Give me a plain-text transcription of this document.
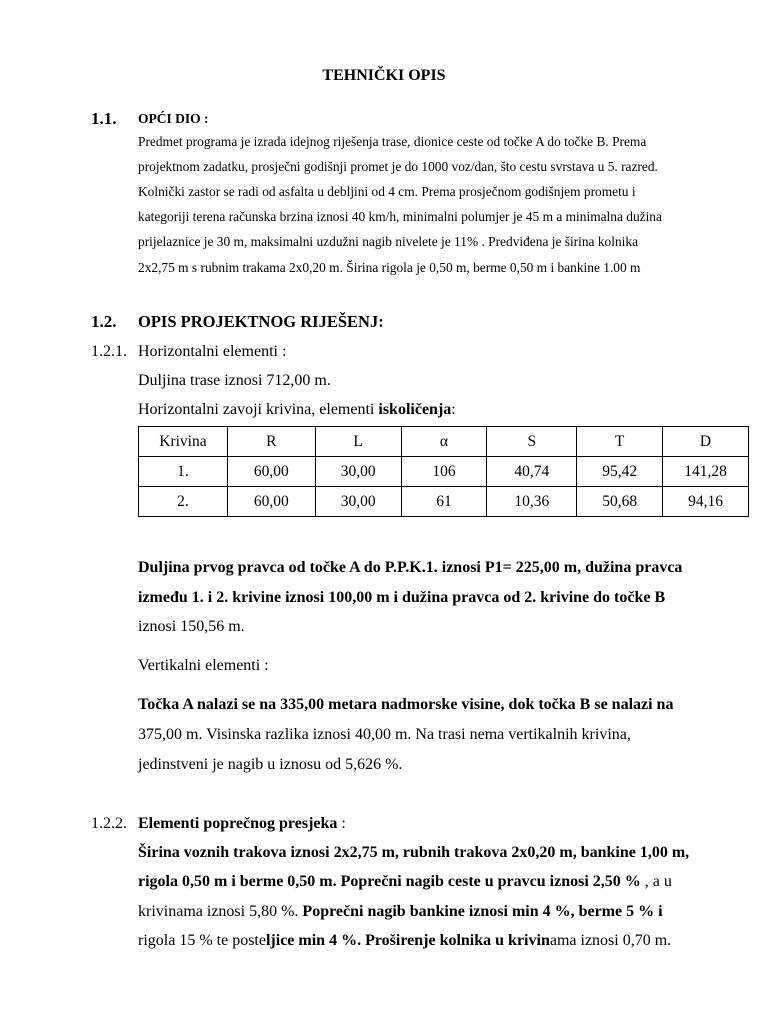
TEHNIČKI OPIS
1.1. OPĆI DIO :
Predmet programa je izrada idejnog riješenja trase, dionice ceste od točke A do točke B. Prema
projektnom zadatku, prosječni godišnji promet je do 1000 voz/dan, što cestu svrstava u 5. razred.
Kolnički zastor se radi od asfalta u debljini od 4 cm. Prema prosječnom godišnjem prometu i
kategoriji terena računska brzina iznosi 40 km/h, minimalni polumjer je 45 m a minimalna dužina
prijelaznice je 30 m, maksimalni uzdužni nagib nivelete je 11% . Predviđena je širina kolnika
2x2,75 m s rubnim trakama 2x0,20 m. Širina rigola je 0,50 m, berme 0,50 m i bankine 1.00 m
1.2. OPIS PROJEKTNOG RIJEŠENJ:
1.2.1. Horizontalni elementi :
Duljina trase iznosi 712,00 m.
Horizontalni zavoji krivina, elementi iskoličenja:
Krivina	R	L	α	S	T	D
1.	60,00	30,00	106	40,74	95,42	141,28
2.	60,00	30,00	61	10,36	50,68	94,16
Duljina prvog pravca od točke A do P.P.K.1. iznosi P1= 225,00 m, dužina pravca
između 1. i 2. krivine iznosi 100,00 m i dužina pravca od 2. krivine do točke B
iznosi 150,56 m.
Vertikalni elementi :
Točka A nalazi se na 335,00 metara nadmorske visine, dok točka B se nalazi na
375,00 m. Visinska razlika iznosi 40,00 m. Na trasi nema vertikalnih krivina,
jedinstveni je nagib u iznosu od 5,626 %.
1.2.2. Elementi poprečnog presjeka :
Širina voznih trakova iznosi 2x2,75 m, rubnih trakova 2x0,20 m, bankine 1,00 m,
rigola 0,50 m i berme 0,50 m. Poprečni nagib ceste u pravcu iznosi 2,50 % , a u
krivinama iznosi 5,80 %. Poprečni nagib bankine iznosi min 4 %, berme 5 % i
rigola 15 % te posteljice min 4 %. Proširenje kolnika u krivinama iznosi 0,70 m.
